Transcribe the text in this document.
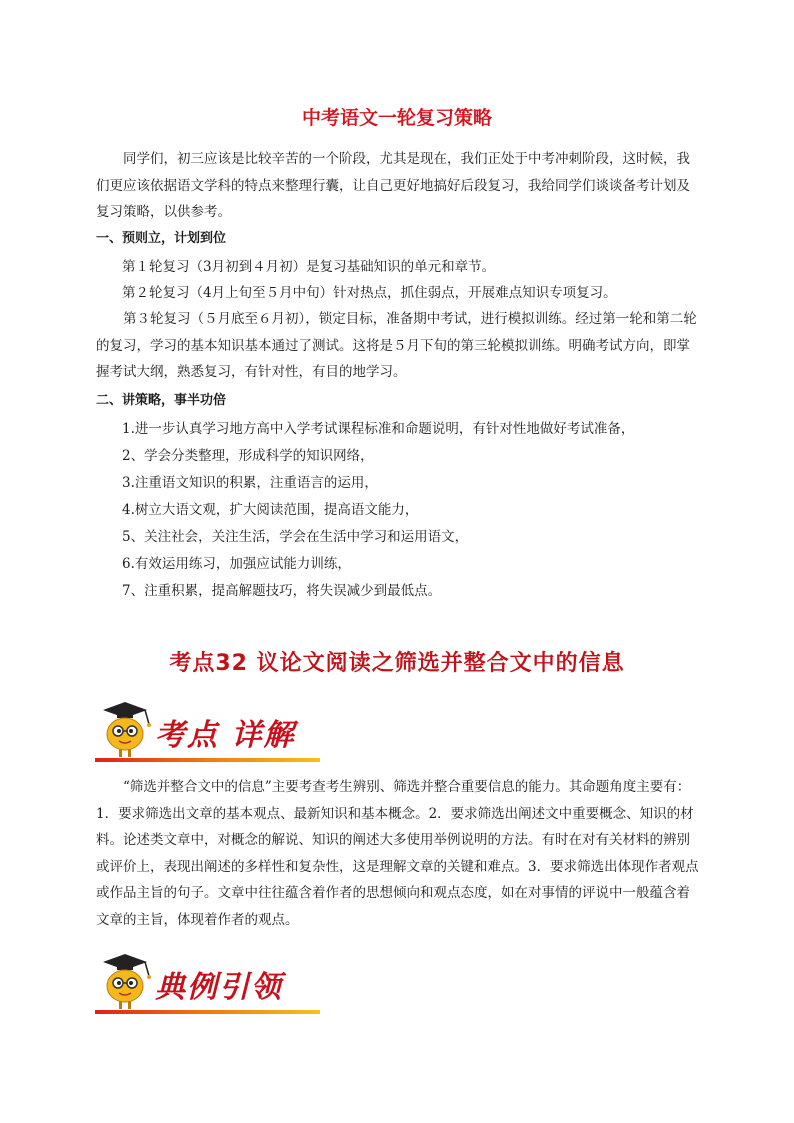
中考语文一轮复习策略

同学们，初三应该是比较辛苦的一个阶段，尤其是现在，我们正处于中考冲刺阶段，这时候，我们更应该依据语文学科的特点来整理行囊，让自己更好地搞好后段复习，我给同学们谈谈备考计划及复习策略，以供参考。

一、预则立，计划到位
第１轮复习（3月初到４月初）是复习基础知识的单元和章节。
第２轮复习（4月上旬至５月中旬）针对热点，抓住弱点，开展难点知识专项复习。

第３轮复习（５月底至６月初），锁定目标，准备期中考试，进行模拟训练。经过第一轮和第二轮的复习，学习的基本知识基本通过了测试。这将是５月下旬的第三轮模拟训练。明确考试方向，即掌握考试大纲，熟悉复习，有针对性，有目的地学习。

二、讲策略，事半功倍
1.进一步认真学习地方高中入学考试课程标准和命题说明，有针对性地做好考试准备，
2、学会分类整理，形成科学的知识网络，
3.注重语文知识的积累，注重语言的运用，
4.树立大语文观，扩大阅读范围，提高语文能力，
5、关注社会，关注生活，学会在生活中学习和运用语文，
6.有效运用练习，加强应试能力训练，
7、注重积累，提高解题技巧，将失误减少到最低点。
考点32 议论文阅读之筛选并整合文中的信息
考点 详解

“筛选并整合文中的信息”主要考查考生辨别、筛选并整合重要信息的能力。其命题角度主要有：1．要求筛选出文章的基本观点、最新知识和基本概念。2．要求筛选出阐述文中重要概念、知识的材料。论述类文章中，对概念的解说、知识的阐述大多使用举例说明的方法。有时在对有关材料的辨别或评价上，表现出阐述的多样性和复杂性，这是理解文章的关键和难点。3．要求筛选出体现作者观点或作品主旨的句子。文章中往往蕴含着作者的思想倾向和观点态度，如在对事情的评说中一般蕴含着文章的主旨，体现着作者的观点。

典例引领
